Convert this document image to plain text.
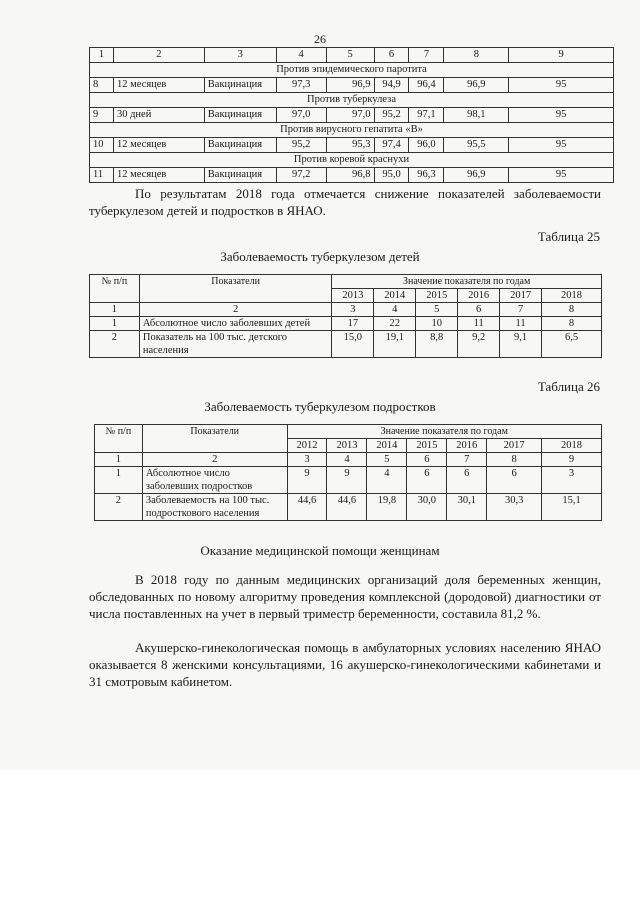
26
1	2	3	4	5	6	7	8	9
Против эпидемического паротита								
8	12 месяцев	Вакцинация	97,3	96,9	94,9	96,4	96,9	95
Против туберкулеза								
9	30 дней	Вакцинация	97,0	97,0	95,2	97,1	98,1	95
Против вирусного гепатита «В»								
10	12 месяцев	Вакцинация	95,2	95,3	97,4	96,0	95,5	95
Против коревой краснухи								
11	12 месяцев	Вакцинация	97,2	96,8	95,0	96,3	96,9	95
По результатам 2018 года отмечается снижение показателей заболеваемости туберкулезом детей и подростков в ЯНАО.
Таблица 25
Заболеваемость туберкулезом детей
№ п/п	Показатели	Значение показателя по годам					
		2013	2014	2015	2016	2017	2018
1	2	3	4	5	6	7	8
1	Абсолютное число заболевших детей	17	22	10	11	11	8
2	Показатель на 100 тыс. детского населения	15,0	19,1	8,8	9,2	9,1	6,5
Таблица 26
Заболеваемость туберкулезом подростков
№ п/п	Показатели	Значение показателя по годам						
		2012	2013	2014	2015	2016	2017	2018
1	2	3	4	5	6	7	8	9
1	Абсолютное число заболевших подростков	9	9	4	6	6	6	3
2	Заболеваемость на 100 тыс. подросткового населения	44,6	44,6	19,8	30,0	30,1	30,3	15,1
Оказание медицинской помощи женщинам
В 2018 году по данным медицинских организаций доля беременных женщин, обследованных по новому алгоритму проведения комплексной (дородовой) диагностики от числа поставленных на учет в первый триместр беременности, составила 81,2 %.
Акушерско-гинекологическая помощь в амбулаторных условиях населению ЯНАО оказывается 8 женскими консультациями, 16 акушерско-гинекологическими кабинетами и 31 смотровым кабинетом.
